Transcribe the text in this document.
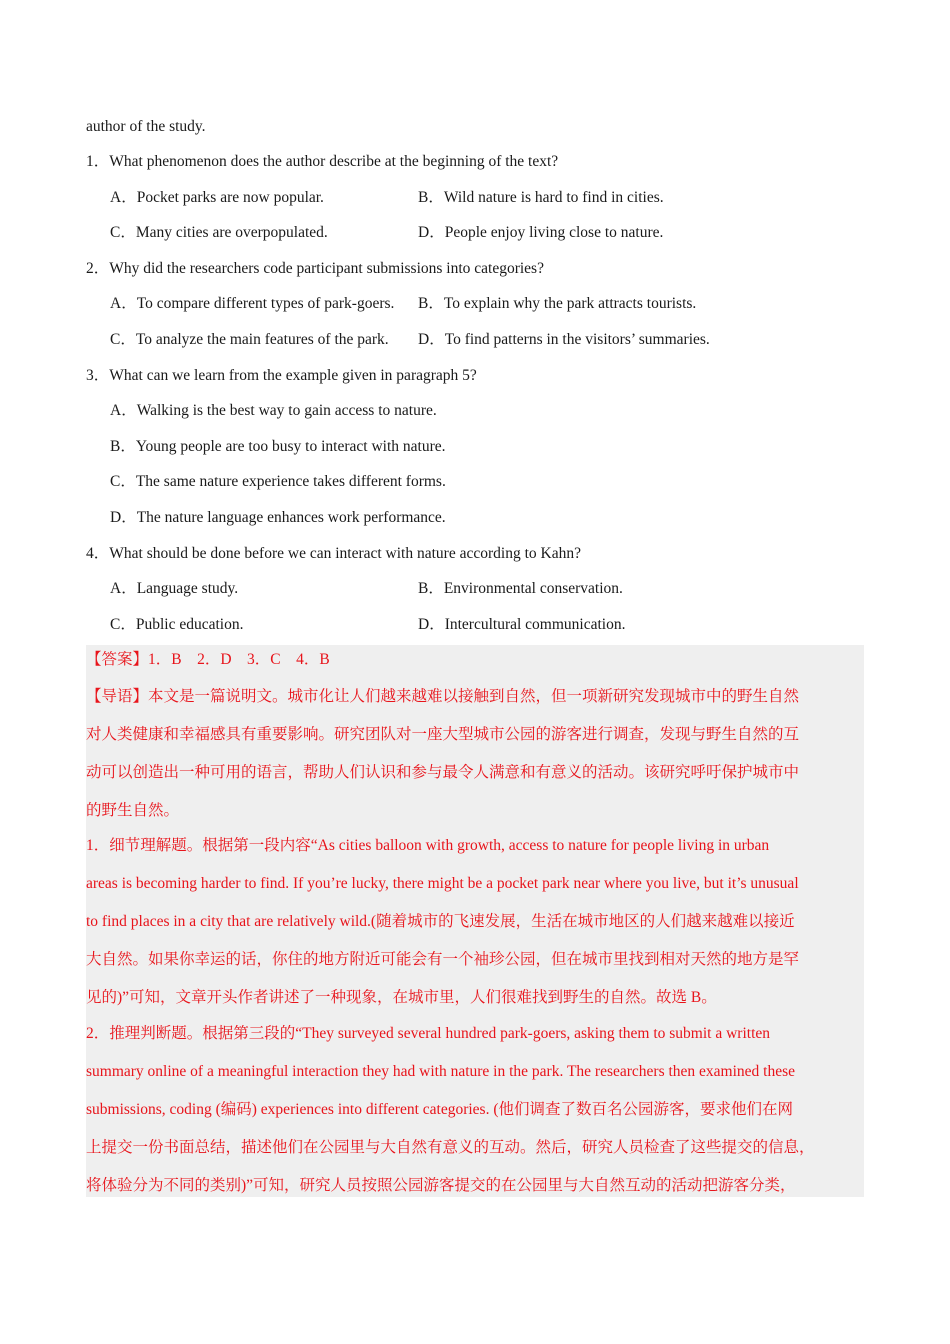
author of the study.
1．What phenomenon does the author describe at the beginning of the text?
A．Pocket parks are now popular.	B．Wild nature is hard to find in cities.
C．Many cities are overpopulated.	D．People enjoy living close to nature.
2．Why did the researchers code participant submissions into categories?
A．To compare different types of park-goers. B．To explain why the park attracts tourists.
C．To analyze the main features of the park. D．To find patterns in the visitors’ summaries.
3．What can we learn from the example given in paragraph 5?
A．Walking is the best way to gain access to nature.
B．Young people are too busy to interact with nature.
C．The same nature experience takes different forms.
D．The nature language enhances work performance.
4．What should be done before we can interact with nature according to Kahn?
A．Language study.	B．Environmental conservation.
C．Public education.	D．Intercultural communication.
【答案】1．B　2．D　3．C　4．B
【导语】本文是一篇说明文。城市化让人们越来越难以接触到自然，但一项新研究发现城市中的野生自然
对人类健康和幸福感具有重要影响。研究团队对一座大型城市公园的游客进行调查，发现与野生自然的互
动可以创造出一种可用的语言，帮助人们认识和参与最令人满意和有意义的活动。该研究呼吁保护城市中
的野生自然。
1．细节理解题。根据第一段内容“As cities balloon with growth, access to nature for people living in urban
areas is becoming harder to find. If you’re lucky, there might be a pocket park near where you live, but it’s unusual
to find places in a city that are relatively wild.(随着城市的飞速发展，生活在城市地区的人们越来越难以接近
大自然。如果你幸运的话，你住的地方附近可能会有一个袖珍公园，但在城市里找到相对天然的地方是罕
见的)”可知，文章开头作者讲述了一种现象，在城市里，人们很难找到野生的自然。故选 B。
2．推理判断题。根据第三段的“They surveyed several hundred park-goers, asking them to submit a written
summary online of a meaningful interaction they had with nature in the park. The researchers then examined these
submissions, coding (编码) experiences into different categories. (他们调查了数百名公园游客，要求他们在网
上提交一份书面总结，描述他们在公园里与大自然有意义的互动。然后，研究人员检查了这些提交的信息，
将体验分为不同的类别)”可知，研究人员按照公园游客提交的在公园里与大自然互动的活动把游客分类，
